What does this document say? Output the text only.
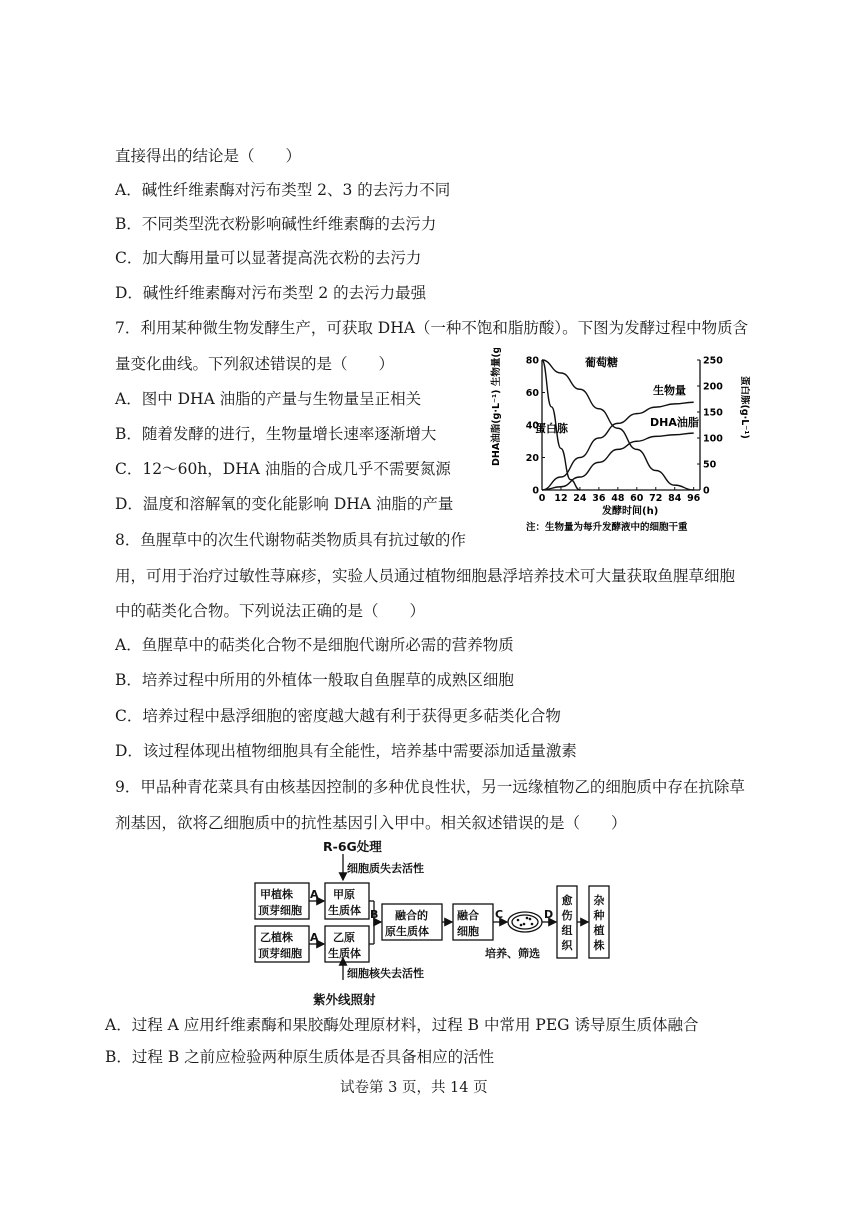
直接得出的结论是（　　）
A．碱性纤维素酶对污布类型 2、3 的去污力不同
B．不同类型洗衣粉影响碱性纤维素酶的去污力
C．加大酶用量可以显著提高洗衣粉的去污力
D．碱性纤维素酶对污布类型 2 的去污力最强
7．利用某种微生物发酵生产，可获取 DHA（一种不饱和脂肪酸）。下图为发酵过程中物质含
量变化曲线。下列叙述错误的是（　　）
A．图中 DHA 油脂的产量与生物量呈正相关
B．随着发酵的进行，生物量增长速率逐渐增大
C．12～60h，DHA 油脂的合成几乎不需要氮源
D．温度和溶解氧的变化能影响 DHA 油脂的产量	0 12 24 36 48 60 72 84 96
0
20
40
60
80
0
50
100
150
200
250
葡萄糖
蛋白胨
生物量
DHA油脂
发酵时间(h)
注：生物量为每升发酵液中的细胞干重
DHA油脂(g·L⁻¹) 生物量(g·L⁻¹) 葡萄糖(g·L⁻¹)	蛋白胨(g·L⁻¹)
8．鱼腥草中的次生代谢物萜类物质具有抗过敏的作
用，可用于治疗过敏性荨麻疹，实验人员通过植物细胞悬浮培养技术可大量获取鱼腥草细胞
中的萜类化合物。下列说法正确的是（　　）
A．鱼腥草中的萜类化合物不是细胞代谢所必需的营养物质
B．培养过程中所用的外植体一般取自鱼腥草的成熟区细胞
C．培养过程中悬浮细胞的密度越大越有利于获得更多萜类化合物
D．该过程体现出植物细胞具有全能性，培养基中需要添加适量激素
9．甲品种青花菜具有由核基因控制的多种优良性状，另一远缘植物乙的细胞质中存在抗除草
剂基因，欲将乙细胞质中的抗性基因引入甲中。相关叙述错误的是（　　）
R-6G处理
细胞质失去活性
甲植株
顶芽细胞
乙植株
顶芽细胞
甲原
生质体
乙原
生质体
融合的
原生质体
融合
细胞
A
A
B	C	D
培养、筛选
细胞核失去活性
紫外线照射
愈
伤
组
织
杂
种
植
株
A．过程 A 应用纤维素酶和果胶酶处理原材料，过程 B 中常用 PEG 诱导原生质体融合
B．过程 B 之前应检验两种原生质体是否具备相应的活性
试卷第 3 页，共 14 页
